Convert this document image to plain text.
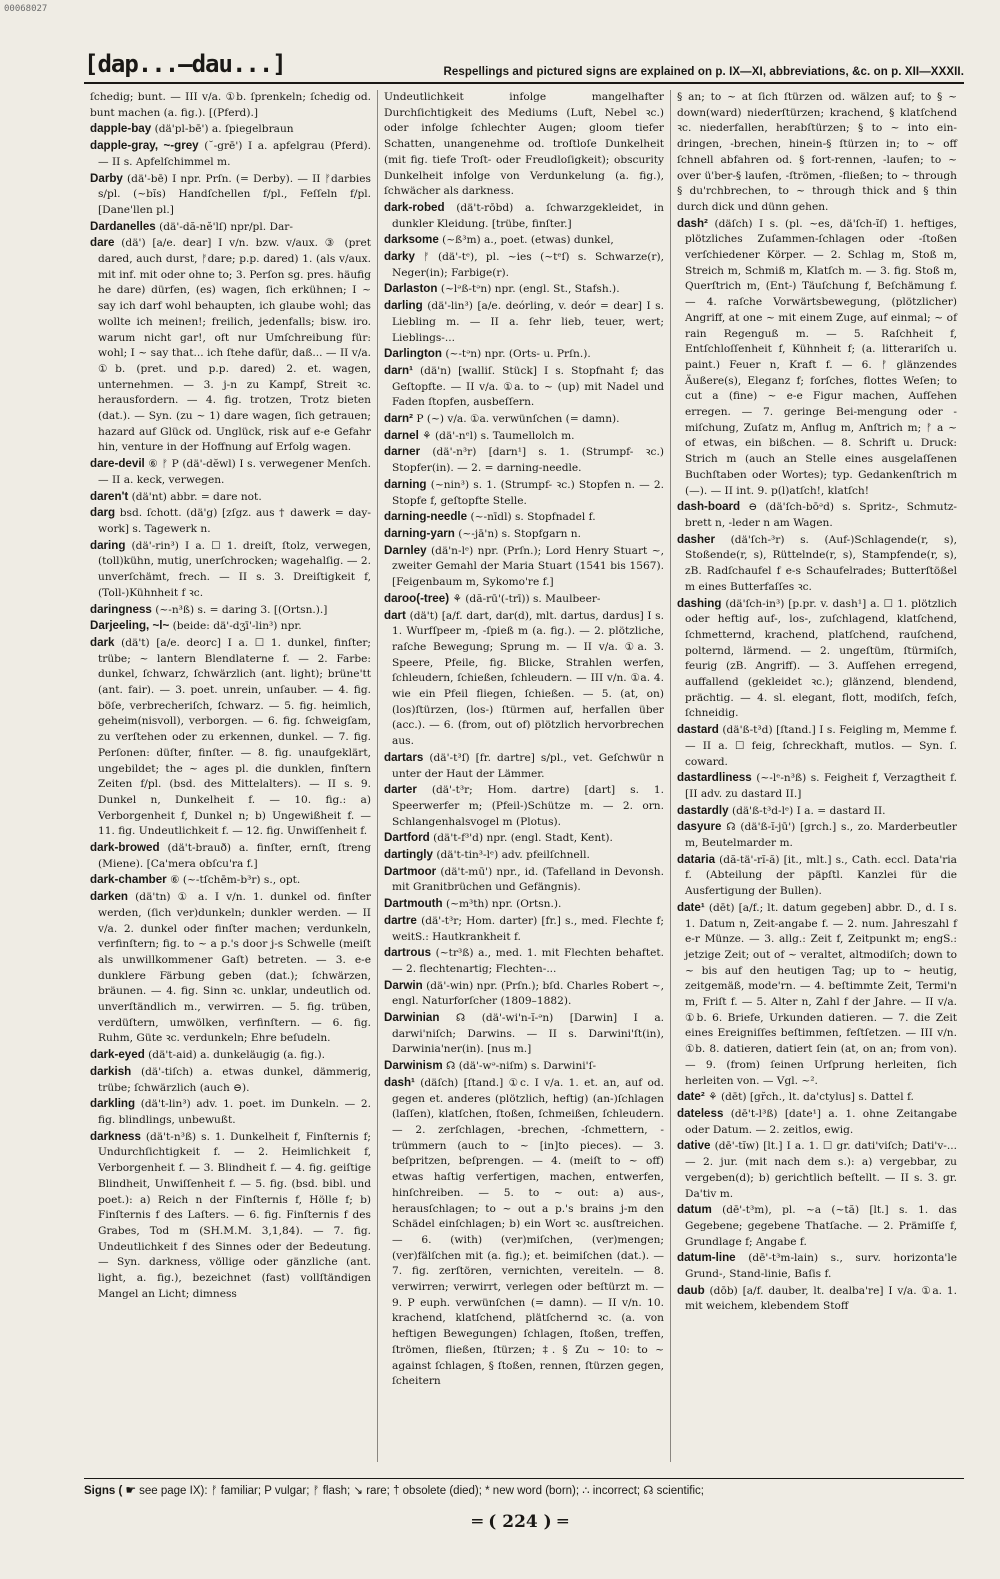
00068027
[dap...—dau...]	Respellings and pictured signs are explained on p. IX—XI, abbreviations, &c. on p. XII—XXXII.

ſchedig; bunt. — III v/a. ①b. ſprenkeln; ſchedig od. bunt machen (a. fig.). [(Pferd).]

dapple-bay (dä'pl-bē') a. ſpiegelbraun

dapple-gray, ~-grey (˘-grē') I a. apfelgrau (Pferd). — II s. Apfelſchimmel m.

Darby (dä'-bē) I npr. Prſn. (= Derby). — II ᚠdarbies s/pl. (~bĭs) Handſchellen f/pl., Feſſeln f/pl. [Dane'llen pl.]

Dardanelles (dä'-dă-nĕ'lſ) npr/pl. Dar-

dare (dä') [a/e. dear] I v/n. bzw. v/aux. ③ (pret dared, auch durst, ᚠdare; p.p. dared) 1. (als v/aux. mit inf. mit oder ohne to; 3. Perſon sg. pres. häufig he dare) dürfen, (es) wagen, ſich erkühnen; I ~ say ich darf wohl behaupten, ich glaube wohl; das wollte ich meinen!; freilich, jedenfalls; bisw. iro. warum nicht gar!, oft nur Umſchreibung für: wohl; I ~ say that... ich ſtehe dafür, daß... — II v/a. ①b. (pret. und p.p. dared) 2. et. wagen, unternehmen. — 3. j-n zu Kampf, Streit ꝛc. herausfordern. — 4. fig. trotzen, Trotz bieten (dat.). — Syn. (zu ~ 1) dare wagen, ſich getrauen; hazard auf Glück od. Unglück, risk auf e-e Gefahr hin, venture in der Hoffnung auf Erfolg wagen.

dare-devil ⑥ ᚠ P (dä'-dĕwl) I s. verwegener Menſch. — II a. keck, verwegen.

daren't (dä'nt) abbr. = dare not.

darg bsd. ſchott. (dä'g) [zſgz. aus † dawerk = day-work] s. Tagewerk n.

daring (dä'-rin³) I a. ☐ 1. dreiſt, ſtolz, verwegen, (toll)kühn, mutig, unerſchrocken; wagehalſig. — 2. unverſchämt, frech. — II s. 3. Dreiſtigkeit f, (Toll-)Kühnheit f ꝛc.

daringness (~-n³ß) s. = daring 3. [(Ortsn.).]

Darjeeling, ~l~ (beide: dä'-dʒī'-lin³) npr.

dark (dä't) [a/e. deorc] I a. ☐ 1. dunkel, finſter; trübe; ~ lantern Blendlaterne f. — 2. Farbe: dunkel, ſchwarz, ſchwärzlich (ant. light); brüne'tt (ant. fair). — 3. poet. unrein, unſauber. — 4. fig. böſe, verbrecheriſch, ſchwarz. — 5. fig. heimlich, geheim(nisvoll), verborgen. — 6. fig. ſchweigſam, zu verſtehen oder zu erkennen, dunkel. — 7. fig. Perſonen: düſter, finſter. — 8. fig. unaufgeklärt, ungebildet; the ~ ages pl. die dunklen, finſtern Zeiten f/pl. (bsd. des Mittelalters). — II s. 9. Dunkel n, Dunkelheit f. — 10. fig.: a) Verborgenheit f, Dunkel n; b) Ungewißheit f. — 11. fig. Undeutlichkeit f. — 12. fig. Unwiſſenheit f.

dark-browed (dä't-brauð) a. finſter, ernſt, ſtreng (Miene). [Ca'mera obſcu'ra f.]

dark-chamber ⑥ (~-tſchēm-b³r) s., opt.

darken (dä'tn) ① a. I v/n. 1. dunkel od. finſter werden, (ſich ver)dunkeln; dunkler werden. — II v/a. 2. dunkel oder finſter machen; verdunkeln, verfinſtern; fig. to ~ a p.'s door j-s Schwelle (meiſt als unwillkommener Gaſt) betreten. — 3. e-e dunklere Färbung geben (dat.); ſchwärzen, bräunen. — 4. fig. Sinn ꝛc. unklar, undeutlich od. unverſtändlich m., verwirren. — 5. fig. trüben, verdüſtern, umwölken, verfinſtern. — 6. fig. Ruhm, Güte ꝛc. verdunkeln; Ehre beſudeln.

dark-eyed (dä't-aid) a. dunkeläugig (a. fig.).

darkish (dä'-tiſch) a. etwas dunkel, dämmerig, trübe; ſchwärzlich (auch ⊖).

darkling (dä't-lin³) adv. 1. poet. im Dunkeln. — 2. fig. blindlings, unbewußt.

darkness (dä't-n³ß) s. 1. Dunkelheit f, Finſternis f; Undurchſichtigkeit f. — 2. Heimlichkeit f, Verborgenheit f. — 3. Blindheit f. — 4. fig. geiſtige Blindheit, Unwiſſenheit f. — 5. fig. (bsd. bibl. und poet.): a) Reich n der Finſternis f, Hölle f; b) Finſternis f des Laſters. — 6. fig. Finſternis f des Grabes, Tod m (SH.M.M. 3,1,84). — 7. fig. Undeutlichkeit f des Sinnes oder der Bedeutung. — Syn. darkness, völlige oder gänzliche (ant. light, a. fig.), bezeichnet (fast) vollſtändigen Mangel an Licht; dimness

Undeutlichkeit infolge mangelhafter Durchſichtigkeit des Mediums (Luft, Nebel ꝛc.) oder infolge ſchlechter Augen; gloom tiefer Schatten, unangenehme od. troſtloſe Dunkelheit (mit fig. tiefe Troſt- oder Freudloſigkeit); obscurity Dunkelheit infolge von Verdunkelung (a. fig.), ſchwächer als darkness.

dark-robed (dä't-rōbd) a. ſchwarzgekleidet, in dunkler Kleidung. [trübe, finſter.]

darksome (~ß³m) a., poet. (etwas) dunkel,

darky ᚠ (dä'-tᵉ), pl. ~ies (~tᵉſ) s. Schwarze(r), Neger(in); Farbige(r).

Darlaston (~lᵊß-tᵊn) npr. (engl. St., Stafsh.).

darling (dä'-lin³) [a/e. deórling, v. deór = dear] I s. Liebling m. — II a. ſehr lieb, teuer, wert; Lieblings-...

Darlington (~-tᵊn) npr. (Orts- u. Prſn.).

darn¹ (dä'n) [walliſ. Stück] I s. Stopfnaht f; das Geſtopfte. — II v/a. ①a. to ~ (up) mit Nadel und Faden ſtopfen, ausbeſſern.

darn² P (~) v/a. ①a. verwünſchen (= damn).

darnel ⚘ (dä'-nᵉl) s. Taumellolch m.

darner (dä'-n³r) [darn¹] s. 1. (Strumpf- ꝛc.) Stopfer(in). — 2. = darning-needle.

darning (~nin³) s. 1. (Strumpf- ꝛc.) Stopfen n. — 2. Stopfe f, geſtopfte Stelle.

darning-needle (~-nīdl) s. Stopfnadel f.

darning-yarn (~-jā'n) s. Stopfgarn n.

Darnley (dä'n-lᵉ) npr. (Prſn.); Lord Henry Stuart ~, zweiter Gemahl der Maria Stuart (1541 bis 1567). [Feigenbaum m, Sykomo're f.]

daroo(-tree) ⚘ (dă-rū'(-trī)) s. Maulbeer-

dart (dä't) [a/f. dart, dar(d), mlt. dartus, dardus] I s. 1. Wurfſpeer m, -ſpieß m (a. fig.). — 2. plötzliche, raſche Bewegung; Sprung m. — II v/a. ①a. 3. Speere, Pfeile, fig. Blicke, Strahlen werfen, ſchleudern, ſchießen, ſchleudern. — III v/n. ①a. 4. wie ein Pfeil fliegen, ſchießen. — 5. (at, on) (los)ſtürzen, (los-) ſtürmen auf, herfallen über (acc.). — 6. (from, out of) plötzlich hervorbrechen aus.

dartars (dä'-t³ſ) [fr. dartre] s/pl., vet. Geſchwür n unter der Haut der Lämmer.

darter (dä'-t³r; Hom. dartre) [dart] s. 1. Speerwerfer m; (Pfeil-)Schütze m. — 2. orn. Schlangenhalsvogel m (Plotus).

Dartford (dä't-f³'d) npr. (engl. Stadt, Kent).

dartingly (dä't-tin³-lᵉ) adv. pfeilſchnell.

Dartmoor (dä't-mū') npr., id. (Tafelland in Devonsh. mit Granitbrüchen und Gefängnis).

Dartmouth (~m³th) npr. (Ortsn.).

dartre (dä'-t³r; Hom. darter) [fr.] s., med. Flechte f; weitS.: Hautkrankheit f.

dartrous (~tr³ß) a., med. 1. mit Flechten behaftet. — 2. flechtenartig; Flechten-...

Darwin (dä'-win) npr. (Prſn.); bſd. Charles Robert ~, engl. Naturforſcher (1809–1882).

Darwinian ☊ (dä'-wi'n-ĭ-ᵊn) [Darwin] I a. darwi'niſch; Darwins. — II s. Darwini'ſt(in), Darwinia'ner(in). [nus m.]

Darwinism ☊ (dä'-wᵊ-niſm) s. Darwini'ſ-

dash¹ (däſch) [ſtand.] ①c. I v/a. 1. et. an, auf od. gegen et. anderes (plötzlich, heftig) (an-)ſchlagen (laſſen), klatſchen, ſtoßen, ſchmeißen, ſchleudern. — 2. zerſchlagen, -brechen, -ſchmettern, -trümmern (auch to ~ [in]to pieces). — 3. beſpritzen, beſprengen. — 4. (meiſt to ~ off) etwas haſtig verfertigen, machen, entwerfen, hinſchreiben. — 5. to ~ out: a) aus-, herausſchlagen; to ~ out a p.'s brains j-m den Schädel einſchlagen; b) ein Wort ꝛc. ausſtreichen. — 6. (with) (ver)miſchen, (ver)mengen; (ver)fälſchen mit (a. fig.); et. beimiſchen (dat.). — 7. fig. zerſtören, vernichten, vereiteln. — 8. verwirren; verwirrt, verlegen oder beſtürzt m. — 9. P euph. verwünſchen (= damn). — II v/n. 10. krachend, klatſchend, plätſchernd ꝛc. (a. von heftigen Bewegungen) ſchlagen, ſtoßen, treffen, ſtrömen, fließen, ſtürzen; ‡. § Zu ~ 10: to ~ against ſchlagen, § ſtoßen, rennen, ſtürzen gegen, ſcheitern

§ an; to ~ at ſich ſtürzen od. wälzen auf; to § ~ down(ward) niederſtürzen; krachend, § klatſchend ꝛc. niederfallen, herabſtürzen; § to ~ into ein-dringen, -brechen, hinein-§ ſtürzen in; to ~ off ſchnell abfahren od. § fort-rennen, -laufen; to ~ over ü'ber-§ laufen, -ſtrömen, -fließen; to ~ through § du'rchbrechen, to ~ through thick and § thin durch dick und dünn gehen.

dash² (däſch) I s. (pl. ~es, dä'ſch-ĭſ) 1. heftiges, plötzliches Zuſammen-ſchlagen oder -ſtoßen verſchiedener Körper. — 2. Schlag m, Stoß m, Streich m, Schmiß m, Klatſch m. — 3. fig. Stoß m, Querſtrich m, (Ent-) Täuſchung f, Beſchämung f. — 4. raſche Vorwärtsbewegung, (plötzlicher) Angriff, at one ~ mit einem Zuge, auf einmal; ~ of rain Regenguß m. — 5. Raſchheit f, Entſchloſſenheit f, Kühnheit f; (a. litterariſch u. paint.) Feuer n, Kraft f. — 6. ᚠ glänzendes Äußere(s), Eleganz f; forſches, flottes Weſen; to cut a (fine) ~ e-e Figur machen, Aufſehen erregen. — 7. geringe Bei-mengung oder -miſchung, Zuſatz m, Anflug m, Anſtrich m; ᚠ a ~ of etwas, ein bißchen. — 8. Schrift u. Druck: Strich m (auch an Stelle eines ausgelaſſenen Buchſtaben oder Wortes); typ. Gedankenſtrich m (—). — II int. 9. p(l)atſch!, klatſch!

dash-board ⊖ (dä'ſch-bōᵊd) s. Spritz-, Schmutz-brett n, -leder n am Wagen.

dasher (dä'ſch-³r) s. (Auf-)Schlagende(r, s), Stoßende(r, s), Rüttelnde(r, s), Stampfende(r, s), zB. Radſchaufel f e-s Schaufelrades; Butterſtößel m eines Butterfaſſes ꝛc.

dashing (dä'ſch-in³) [p.pr. v. dash¹] a. ☐ 1. plötzlich oder heftig auf-, los-, zuſchlagend, klatſchend, ſchmetternd, krachend, platſchend, rauſchend, polternd, lärmend. — 2. ungeſtüm, ſtürmiſch, feurig (zB. Angriff). — 3. Aufſehen erregend, auffallend (gekleidet ꝛc.); glänzend, blendend, prächtig. — 4. sl. elegant, flott, modiſch, feſch, ſchneidig.

dastard (dä'ß-t³d) [ſtand.] I s. Feigling m, Memme f. — II a. ☐ feig, ſchreckhaft, mutlos. — Syn. ſ. coward.

dastardliness (~-lᵉ-n³ß) s. Feigheit f, Verzagtheit f. [II adv. zu dastard II.]

dastardly (dä'ß-t³d-lᵉ) I a. = dastard II.

dasyure ☊ (dä'ß-ĭ-jū') [grch.] s., zo. Marderbeutler m, Beutelmarder m.

dataria (dă-tä'-rĭ-ă) [it., mlt.] s., Cath. eccl. Data'ria f. (Abteilung der päpſtl. Kanzlei für die Ausfertigung der Bullen).

date¹ (dēt) [a/f.; lt. datum gegeben] abbr. D., d. I s. 1. Datum n, Zeit-angabe f. — 2. num. Jahreszahl f e-r Münze. — 3. allg.: Zeit f, Zeitpunkt m; engS.: jetzige Zeit; out of ~ veraltet, altmodiſch; down to ~ bis auf den heutigen Tag; up to ~ heutig, zeitgemäß, mode'rn. — 4. beſtimmte Zeit, Termi'n m, Friſt f. — 5. Alter n, Zahl f der Jahre. — II v/a. ①b. 6. Briefe, Urkunden datieren. — 7. die Zeit eines Ereigniſſes beſtimmen, feſtſetzen. — III v/n. ①b. 8. datieren, datiert ſein (at, on an; from von). — 9. (from) ſeinen Urſprung herleiten, ſich herleiten von. — Vgl. ~².

date² ⚘ (dēt) [gr̆ch., lt. da'ctylus] s. Dattel f.

dateless (dē't-l³ß) [date¹] a. 1. ohne Zeitangabe oder Datum. — 2. zeitlos, ewig.

dative (dē'-tĭw) [lt.] I a. 1. ☐ gr. dati'viſch; Dati'v-... — 2. jur. (mit nach dem s.): a) vergebbar, zu vergeben(d); b) gerichtlich beſtellt. — II s. 3. gr. Da'tiv m.

datum (dē'-t³m), pl. ~a (~tă) [lt.] s. 1. das Gegebene; gegebene Thatſache. — 2. Prämiſſe f, Grundlage f; Angabe f.

datum-line (dē'-t³m-lain) s., surv. horizonta'le Grund-, Stand-linie, Baſis f.

daub (dōb) [a/f. dauber, lt. dealba're] I v/a. ①a. 1. mit weichem, klebendem Stoff

Signs ( ☛ see page IX): ᚠ familiar; P vulgar; ᚠ flash; ↘ rare; † obsolete (died); * new word (born); ∴ incorrect; ☊ scientific;
═ ( 224 ) ═
